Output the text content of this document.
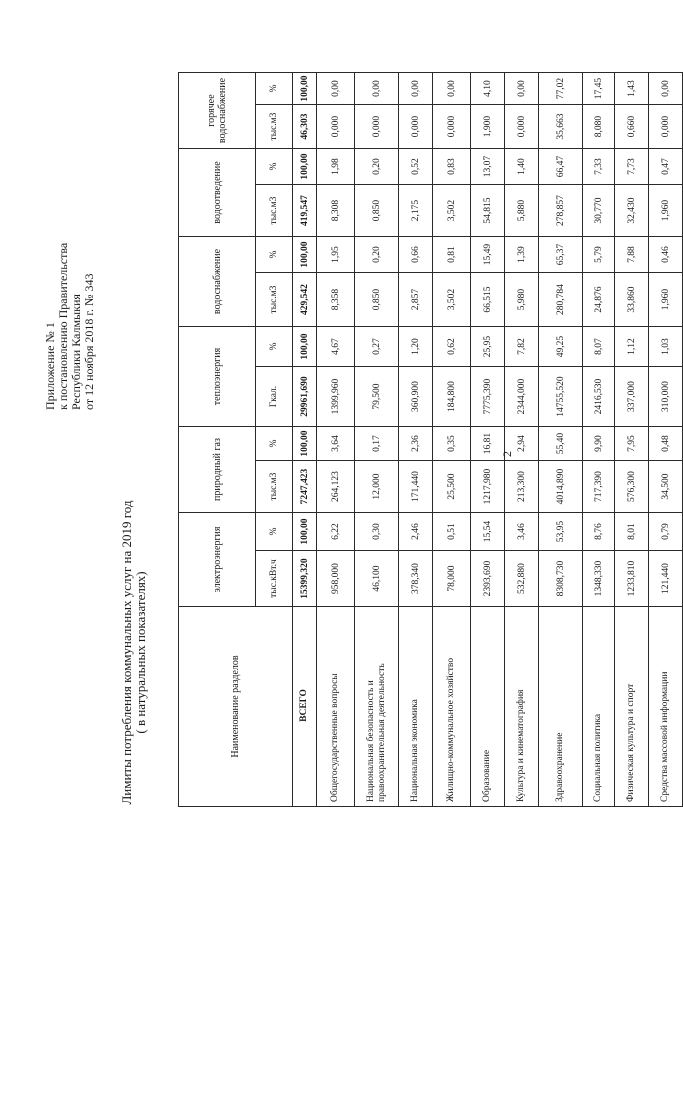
Приложение № 1 к постановлению Правительства Республики Калмыкия от 12 ноября 2018 г. № 343
Лимиты потребления коммунальных услуг на 2019 год ( в натуральных показателях)	Наименование разделов	электроэнергия		природный газ		теплоэнергия		водоснабжение		водоотведение		горячее водоснабжение	
	тыс.кВт.ч	%	тыс.м3	%	Гкал.	%	тыс.м3	%	тыс.м3	%	тыс.м3	%
ВСЕГО	15399,320	100,00	7247,423	100,00	29961,690	100,00	429,542	100,00	419,547	100,00	46,303	100,00
Общегосударственные вопросы	958,000	6,22	264,123	3,64	1399,960	4,67	8,358	1,95	8,308	1,98	0,000	0,00
Национальная безопасность и правоохранительная деятельность	46,100	0,30	12,000	0,17	79,500	0,27	0,850	0,20	0,850	0,20	0,000	0,00
Национальная экономика	378,340	2,46	171,440	2,36	360,900	1,20	2,857	0,66	2,175	0,52	0,000	0,00
Жилищно-коммунальное хозяйство	78,000	0,51	25,500	0,35	184,800	0,62	3,502	0,81	3,502	0,83	0,000	0,00
Образование	2393,690	15,54	1217,980	16,81	7775,390	25,95	66,515	15,49	54,815	13,07	1,900	4,10
Культура и кинематография	532,880	3,46	213,300	2,94	2344,000	7,82	5,980	1,39	5,880	1,40	0,000	0,00
Здравоохранение	8308,730	53,95	4014,890	55,40	14755,520	49,25	280,784	65,37	278,857	66,47	35,663	77,02
Социальная политика	1348,330	8,76	717,390	9,90	2416,530	8,07	24,876	5,79	30,770	7,33	8,080	17,45
Физическая культура и спорт	1233,810	8,01	576,300	7,95	337,000	1,12	33,860	7,88	32,430	7,73	0,660	1,43
Средства массовой информации	121,440	0,79	34,500	0,48	310,000	1,03	1,960	0,46	1,960	0,47	0,000	0,00
2
